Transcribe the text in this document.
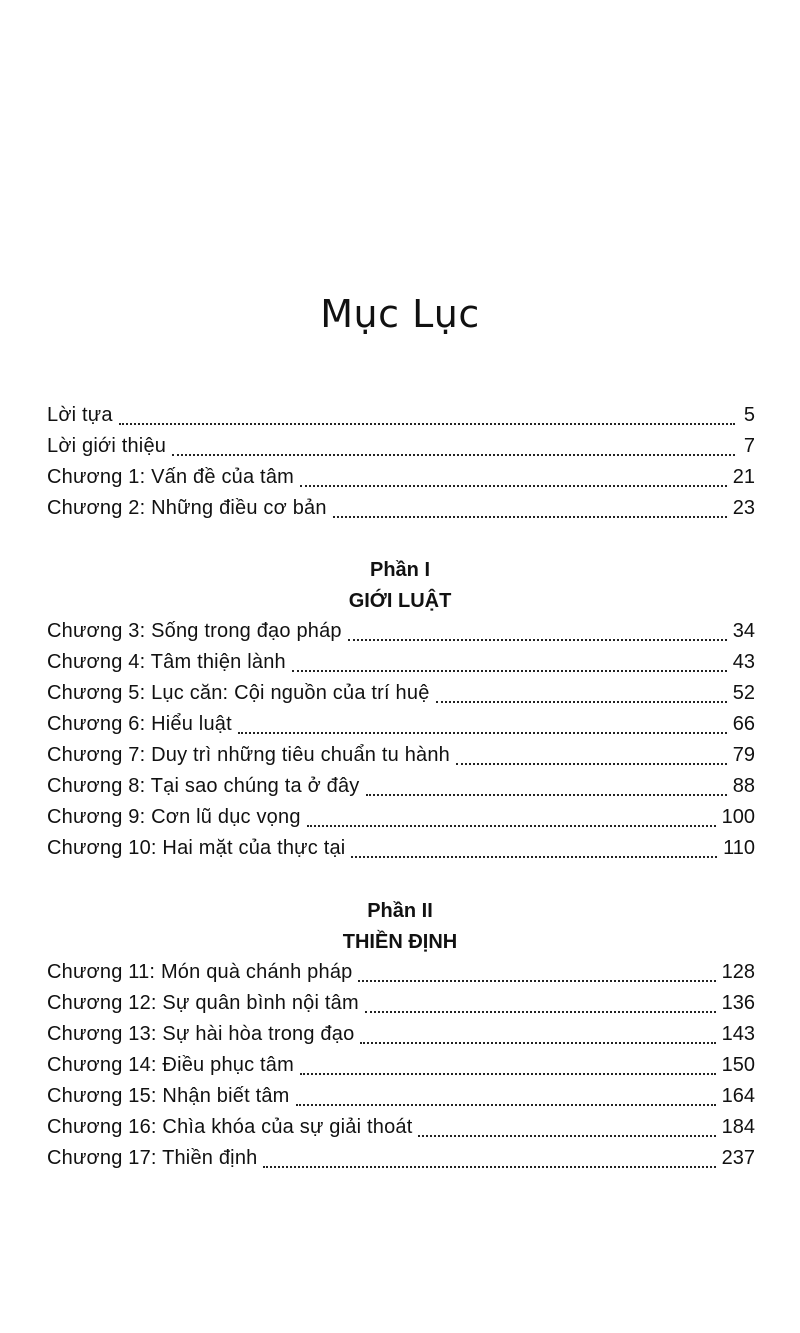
Mục Lục
Lời tựa	5
Lời giới thiệu	7
Chương 1: Vấn đề của tâm	21
Chương 2: Những điều cơ bản	23
Phần I
GIỚI LUẬT
Chương 3: Sống trong đạo pháp	34
Chương 4: Tâm thiện lành	43
Chương 5: Lục căn: Cội nguồn của trí huệ	52
Chương 6: Hiểu luật	66
Chương 7: Duy trì những tiêu chuẩn tu hành	79
Chương 8: Tại sao chúng ta ở đây	88
Chương 9: Cơn lũ dục vọng	100
Chương 10: Hai mặt của thực tại	110
Phần II
THIỀN ĐỊNH
Chương 11: Món quà chánh pháp	128
Chương 12: Sự quân bình nội tâm	136
Chương 13: Sự hài hòa trong đạo	143
Chương 14: Điều phục tâm	150
Chương 15: Nhận biết tâm	164
Chương 16: Chìa khóa của sự giải thoát	184
Chương 17: Thiền định	237
